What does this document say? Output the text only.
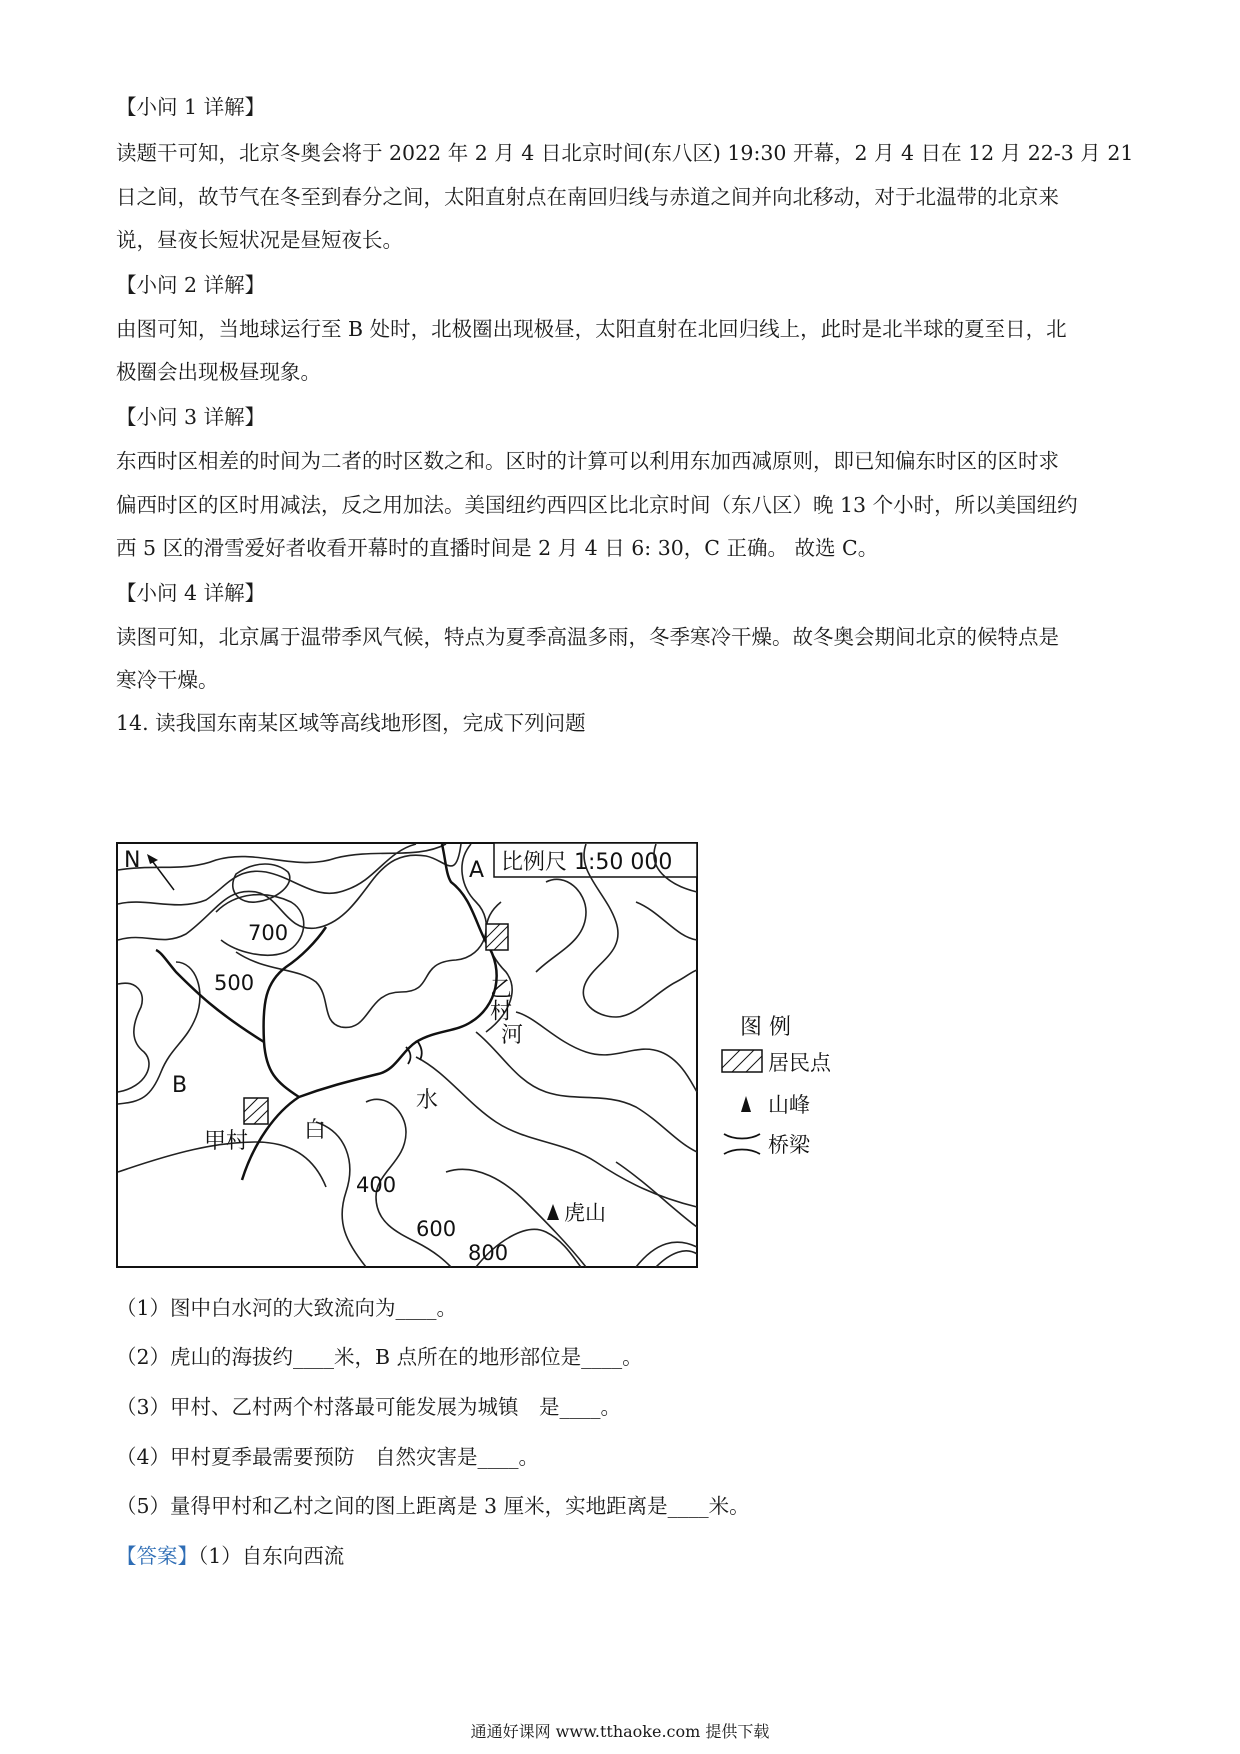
【小问 1 详解】
读题干可知，北京冬奥会将于 2022 年 2 月 4 日北京时间(东八区) 19:30 开幕，2 月 4 日在 12 月 22-3 月 21
日之间，故节气在冬至到春分之间，太阳直射点在南回归线与赤道之间并向北移动，对于北温带的北京来
说，昼夜长短状况是昼短夜长。
【小问 2 详解】
由图可知，当地球运行至 B 处时，北极圈出现极昼，太阳直射在北回归线上，此时是北半球的夏至日，北
极圈会出现极昼现象。
【小问 3 详解】
东西时区相差的时间为二者的时区数之和。区时的计算可以利用东加西减原则，即已知偏东时区的区时求
偏西时区的区时用减法，反之用加法。美国纽约西四区比北京时间（东八区）晚 13 个小时，所以美国纽约
西 5 区的滑雪爱好者收看开幕时的直播时间是 2 月 4 日 6: 30，C 正确。 故选 C。
【小问 4 详解】
读图可知，北京属于温带季风气候，特点为夏季高温多雨，冬季寒冷干燥。故冬奥会期间北京的候特点是
寒冷干燥。
14. 读我国东南某区域等高线地形图，完成下列问题
比例尺 1:50 000
N	A
B
乙村
甲村
河
水
白
700
500
400
600
800
虎山
图 例
居民点
山峰
桥梁
（1）图中白水河的大致流向为____。
（2）虎山的海拔约____米，B 点所在的地形部位是____。
（3）甲村、乙村两个村落最可能发展为城镇　是____。
（4）甲村夏季最需要预防　自然灾害是____。
（5）量得甲村和乙村之间的图上距离是 3 厘米，实地距离是____米。
【答案】（1）自东向西流
通通好课网 www.tthaoke.com 提供下载
